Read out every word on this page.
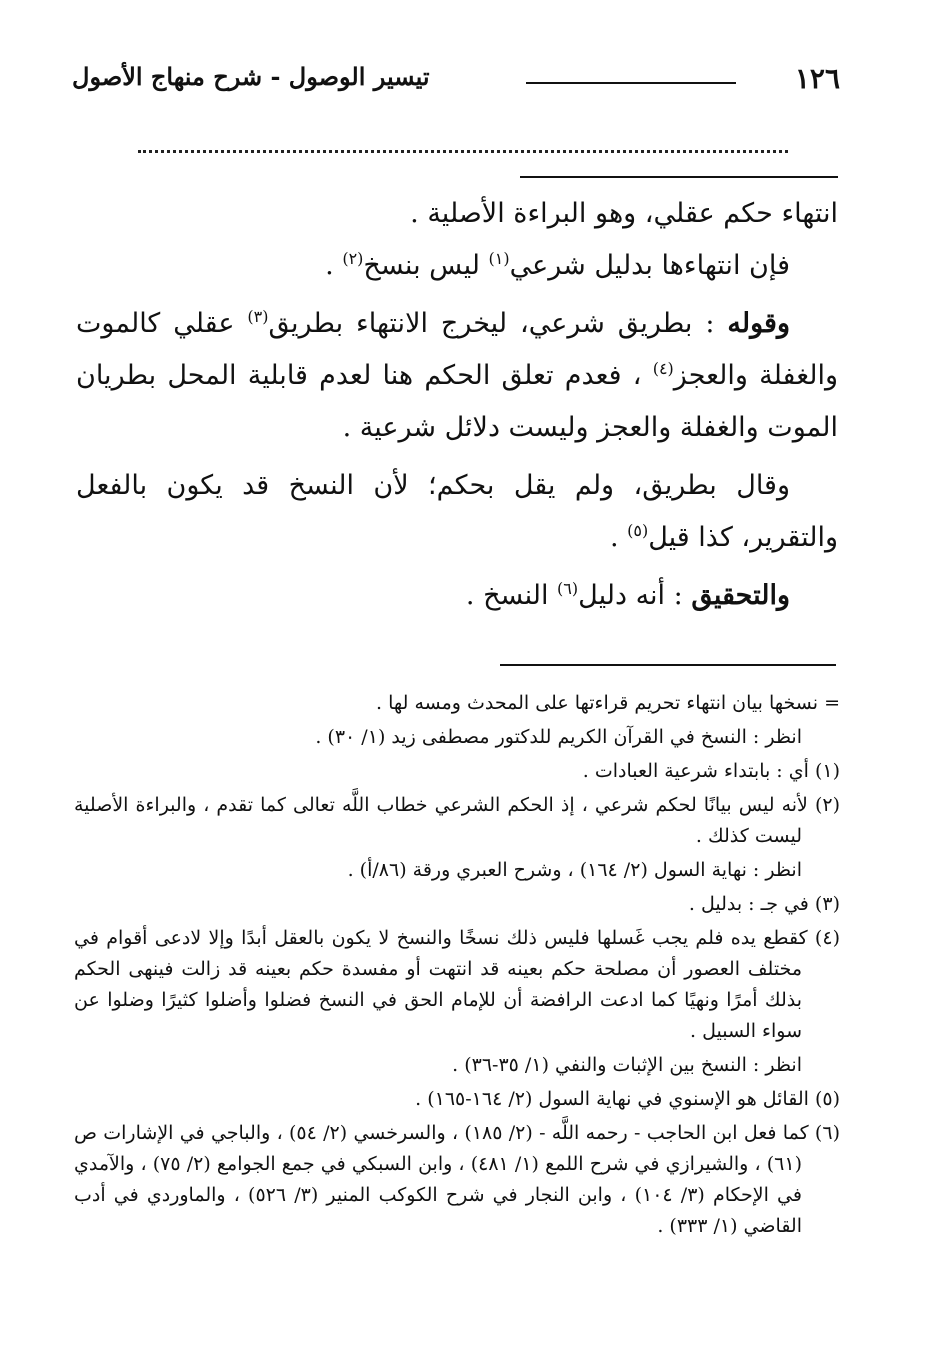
١٢٦
تيسير الوصول - شرح منهاج الأصول

انتهاء حكم عقلي، وهو البراءة الأصلية .

فإن انتهاءها بدليل شرعي$^{(١)}$ ليس بنسخ$^{(٢)}$ .

وقوله : بطريق شرعي، ليخرج الانتهاء بطريق$^{(٣)}$ عقلي كالموت والغفلة والعجز$^{(٤)}$ ، فعدم تعلق الحكم هنا لعدم قابلية المحل بطريان الموت والغفلة والعجز وليست دلائل شرعية .

وقال بطريق، ولم يقل بحكم؛ لأن النسخ قد يكون بالفعل والتقرير، كذا قيل$^{(٥)}$ .

والتحقيق : أنه دليل$^{(٦)}$ النسخ .

= نسخها بيان انتهاء تحريم قراءتها على المحدث ومسه لها .

انظر : النسخ في القرآن الكريم للدكتور مصطفى زيد (١/ ٣٠) .

(١) أي : بابتداء شرعية العبادات .

(٢) لأنه ليس بيانًا لحكم شرعي ، إذ الحكم الشرعي خطاب اللَّه تعالى كما تقدم ، والبراءة الأصلية ليست كذلك .

انظر : نهاية السول (٢/ ١٦٤) ، وشرح العبري ورقة (٨٦/أ) .

(٣) في جـ : بدليل .

(٤) كقطع يده فلم يجب غَسلها فليس ذلك نسخًا والنسخ لا يكون بالعقل أبدًا وإلا لادعى أقوام في مختلف العصور أن مصلحة حكم بعينه قد انتهت أو مفسدة حكم بعينه قد زالت فينهى الحكم بذلك أمرًا ونهيًا كما ادعت الرافضة أن للإمام الحق في النسخ فضلوا وأضلوا كثيرًا وضلوا عن سواء السبيل .

انظر : النسخ بين الإثبات والنفي (١/ ٣٥-٣٦) .

(٥) القائل هو الإسنوي في نهاية السول (٢/ ١٦٤-١٦٥) .

(٦) كما فعل ابن الحاجب - رحمه اللَّه - (٢/ ١٨٥) ، والسرخسي (٢/ ٥٤) ، والباجي في الإشارات ص (٦١) ، والشيرازي في شرح اللمع (١/ ٤٨١) ، وابن السبكي في جمع الجوامع (٢/ ٧٥) ، والآمدي في الإحكام (٣/ ١٠٤) ، وابن النجار في شرح الكوكب المنير (٣/ ٥٢٦) ، والماوردي في أدب القاضي (١/ ٣٣٣) .
